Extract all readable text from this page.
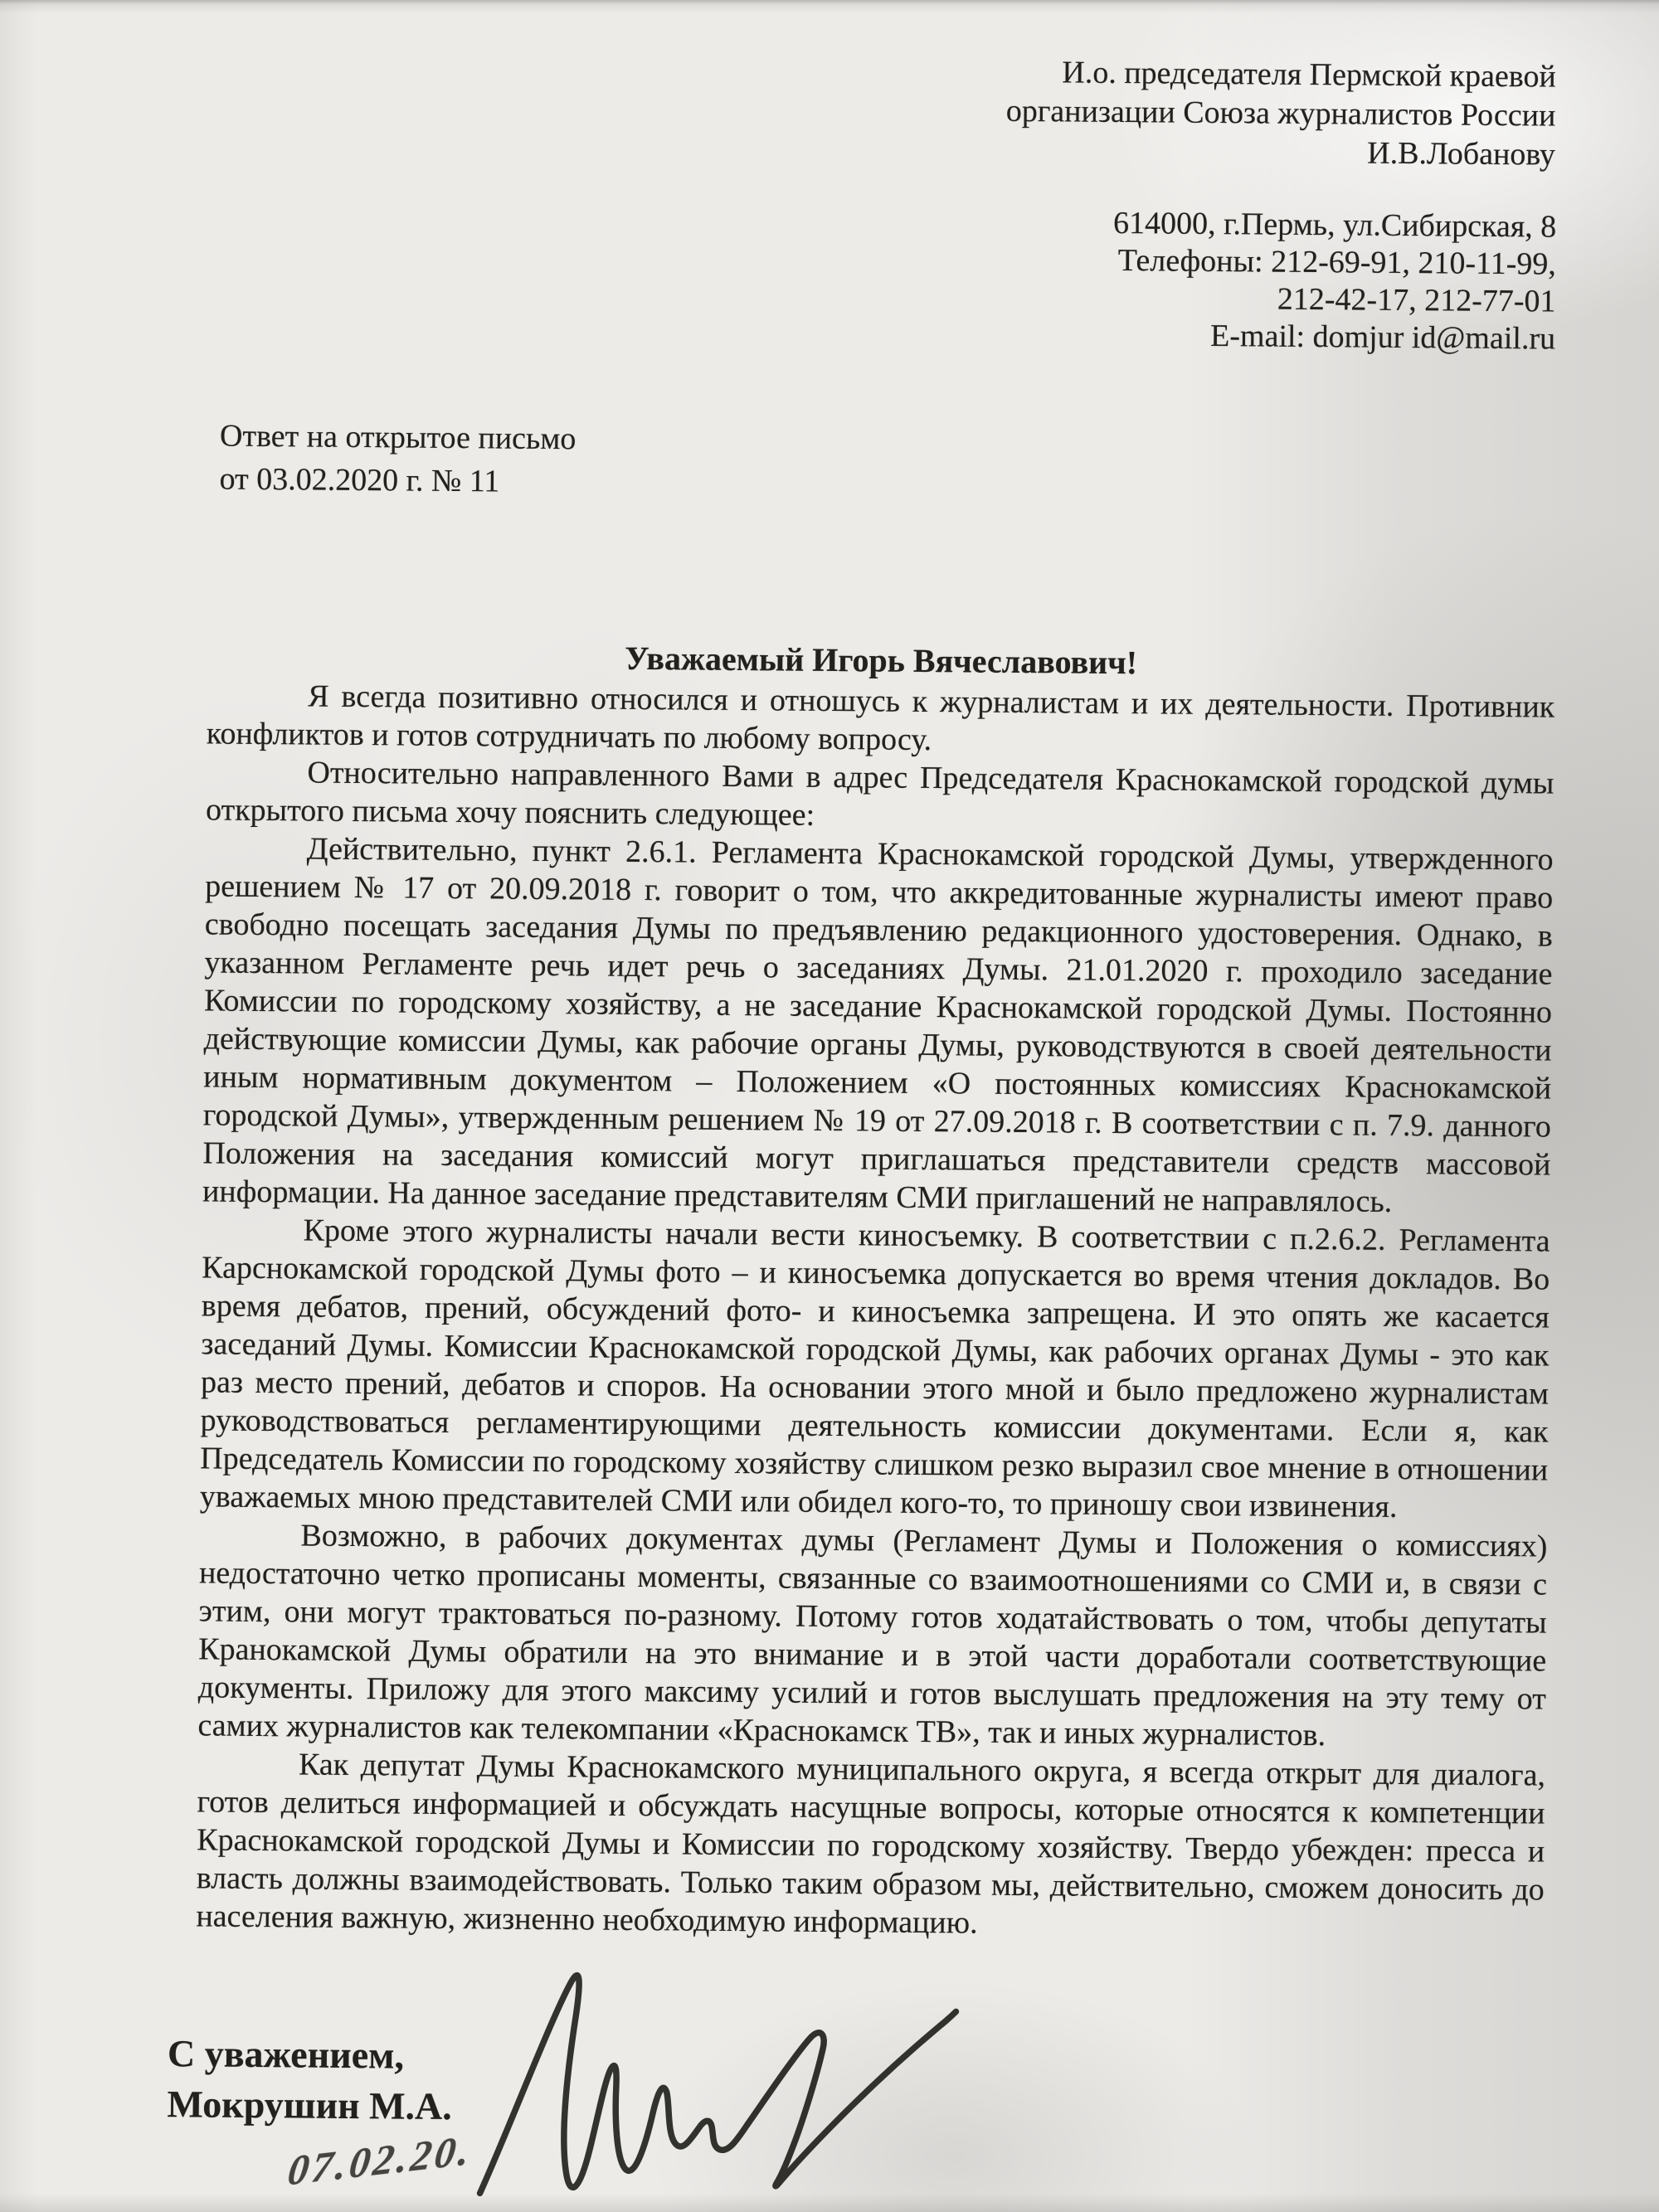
И.о. председателя Пермской краевой
организации Союза журналистов России
И.В.Лобанову
614000, г.Пермь, ул.Сибирская, 8
Телефоны: 212-69-91, 210-11-99,
212-42-17, 212-77-01
E-mail: domjur id@mail.ru
Ответ на открытое письмо
от 03.02.2020 г. № 11
Уважаемый Игорь Вячеславович!

Я всегда позитивно относился и отношусь к журналистам и их деятельности. Противник конфликтов и готов сотрудничать по любому вопросу.

Относительно направленного Вами в адрес Председателя Краснокамской городской думы открытого письма хочу пояснить следующее:

Действительно, пункт 2.6.1. Регламента Краснокамской городской Думы, утвержденного решением № 17 от 20.09.2018 г. говорит о том, что аккредитованные журналисты имеют право свободно посещать заседания Думы по предъявлению редакционного удостоверения. Однако, в указанном Регламенте речь идет речь о заседаниях Думы. 21.01.2020 г. проходило заседание Комиссии по городскому хозяйству, а не заседание Краснокамской городской Думы. Постоянно действующие комиссии Думы, как рабочие органы Думы, руководствуются в своей деятельности иным нормативным документом – Положением «О постоянных комиссиях Краснокамской городской Думы», утвержденным решением № 19 от 27.09.2018 г. В соответствии с п. 7.9. данного Положения на заседания комиссий могут приглашаться представители средств массовой информации. На данное заседание представителям СМИ приглашений не направлялось.

Кроме этого журналисты начали вести киносъемку. В соответствии с п.2.6.2. Регламента Карснокамской городской Думы фото – и киносъемка допускается во время чтения докладов. Во время дебатов, прений, обсуждений фото- и киносъемка запрещена. И это опять же касается заседаний Думы. Комиссии Краснокамской городской Думы, как рабочих органах Думы - это как раз место прений, дебатов и споров. На основании этого мной и было предложено журналистам руководствоваться регламентирующими деятельность комиссии документами. Если я, как Председатель Комиссии по городскому хозяйству слишком резко выразил свое мнение в отношении уважаемых мною представителей СМИ или обидел кого-то, то приношу свои извинения.

Возможно, в рабочих документах думы (Регламент Думы и Положения о комиссиях) недостаточно четко прописаны моменты, связанные со взаимоотношениями со СМИ и, в связи с этим, они могут трактоваться по-разному. Потому готов ходатайствовать о том, чтобы депутаты Кранокамской Думы обратили на это внимание и в этой части доработали соответствующие документы. Приложу для этого максиму усилий и готов выслушать предложения на эту тему от самих журналистов как телекомпании «Краснокамск ТВ», так и иных журналистов.

Как депутат Думы Краснокамского муниципального округа, я всегда открыт для диалога, готов делиться информацией и обсуждать насущные вопросы, которые относятся к компетенции Краснокамской городской Думы и Комиссии по городскому хозяйству. Твердо убежден: пресса и власть должны взаимодействовать. Только таким образом мы, действительно, сможем доносить до населения важную, жизненно необходимую информацию.

С уважением,
Мокрушин М.А.
07.02.20.
